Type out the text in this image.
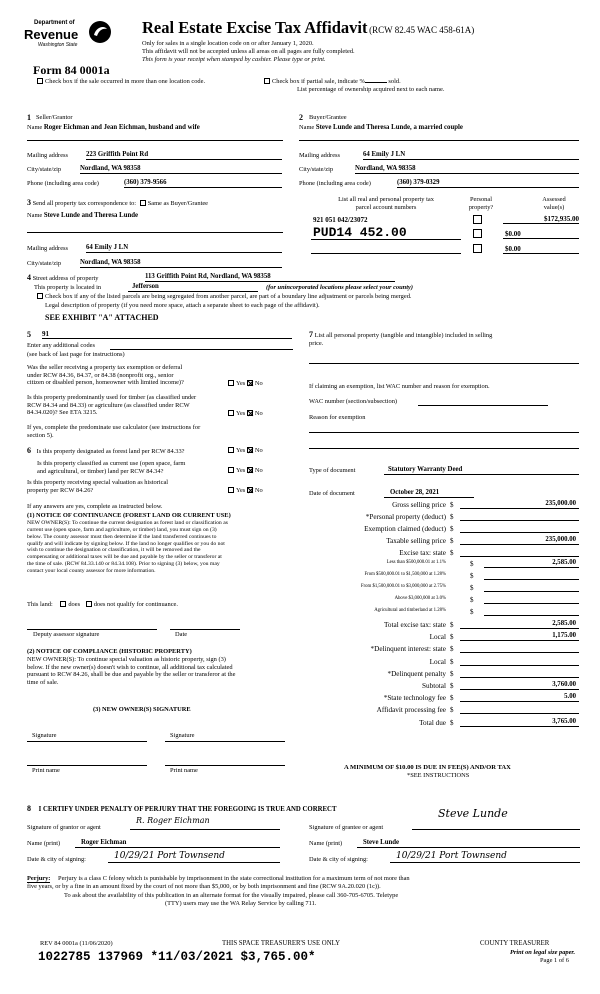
Department of
Revenue
Washington State
Form 84 0001a
Real Estate Excise Tax Affidavit (RCW 82.45 WAC 458-61A)
Only for sales in a single location code on or after January 1, 2020.
This affidavit will not be accepted unless all areas on all pages are fully completed.
This form is your receipt when stamped by cashier. Please type or print.
Check box if the sale occurred in more than one location code.	Check box if partial sale, indicate %	sold.
List percentage of ownership acquired next to each name.
1 Seller/Grantor
Name Roger Eichman and Jean Eichman, husband and wife
Mailing address	223 Griffith Point Rd
City/state/zip	Nordland, WA 98358
Phone (including area code)	(360) 379-9566
2 Buyer/Grantee
Name Steve Lunde and Theresa Lunde, a married couple
Mailing address	64 Emily J LN
City/state/zip	Nordland, WA 98358
Phone (including area code)	(360) 379-0329
3 Send all property tax correspondence to: Same as Buyer/Grantee
Name Steve Lunde and Theresa Lunde
Mailing address	64 Emily J LN
City/state/zip	Nordland, WA 98358
List all real and personal property tax
parcel account numbers
Personal
property?
Assessed
value(s)
921 051 042/23072	$172,935.00
PUD14 452.00	$0.00
$0.00
4 Street address of property	113 Griffith Point Rd, Nordland, WA 98358
This property is located in	Jefferson	(for unincorporated locations please select your county)
Check box if any of the listed parcels are being segregated from another parcel, are part of a boundary line adjustment or parcels being merged.
Legal description of property (if you need more space, attach a separate sheet to each page of the affidavit).
SEE EXHIBIT "A" ATTACHED
5 91
Enter any additional codes
(see back of last page for instructions)
Was the seller receiving a property tax exemption or deferral
under RCW 84.36, 84.37, or 84.38 (nonprofit org., senior
citizen or disabled person, homeowner with limited income)?	Yes No
Is this property predominantly used for timber (as classified under
RCW 84.34 and 84.33) or agriculture (as classified under RCW
84.34.020)? See ETA 3215.	Yes No
If yes, complete the predominate use calculator (see instructions for
section 5).
6 Is this property designated as forest land per RCW 84.33?	Yes No
Is this property classified as current use (open space, farm
and agricultural, or timber) land per RCW 84.34?	Yes No
Is this property receiving special valuation as historical
property per RCW 84.26?	Yes No
If any answers are yes, complete as instructed below.
(1) NOTICE OF CONTINUANCE (FOREST LAND OR CURRENT USE)
NEW OWNER(S): To continue the current designation as forest land or classification as
current use (open space, farm and agriculture, or timber) land, you must sign on (3)
below. The county assessor must then determine if the land transferred continues to
qualify and will indicate by signing below. If the land no longer qualifies or you do not
wish to continue the designation or classification, it will be removed and the
compensating or additional taxes will be due and payable by the seller or transferor at
the time of sale. (RCW 84.33.140 or 84.34.108). Prior to signing (3) below, you may
contact your local county assessor for more information.
This land: does does not qualify for continuance.
Deputy assessor signature	Date
(2) NOTICE OF COMPLIANCE (HISTORIC PROPERTY)
NEW OWNER(S): To continue special valuation as historic property, sign (3)
below. If the new owner(s) doesn't wish to continue, all additional tax calculated
pursuant to RCW 84.26, shall be due and payable by the seller or transferor at the
time of sale.
(3) NEW OWNER(S) SIGNATURE
Signature	Signature
Print name	Print name
7 List all personal property (tangible and intangible) included in selling
price.
If claiming an exemption, list WAC number and reason for exemption.
WAC number (section/subsection)
Reason for exemption
Type of document	Statutory Warranty Deed
Date of document	October 28, 2021
Gross selling price $	235,000.00
*Personal property (deduct) $
Exemption claimed (deduct) $
Taxable selling price $	235,000.00
Excise tax: state $
Less than $500,000.01 at 1.1%	$	2,585.00
From $500,000.01 to $1,500,000 at 1.28%	$
From $1,500,000.01 to $3,000,000 at 2.75%	$
Above $3,000,000 at 3.0%	$
Agricultural and timberland at 1.28%	$
Total excise tax: state $	2,585.00
Local $	1,175.00
*Delinquent interest: state $
Local $
*Delinquent penalty $
Subtotal $	3,760.00
*State technology fee $	5.00
Affidavit processing fee $
Total due $	3,765.00
A MINIMUM OF $10.00 IS DUE IN FEE(S) AND/OR TAX
*SEE INSTRUCTIONS
8 I CERTIFY UNDER PENALTY OF PERJURY THAT THE FOREGOING IS TRUE AND CORRECT
Signature of grantor or agent
R. Roger Eichman
Signature of grantee or agent
Steve Lunde
Name (print)	Roger Eichman	Name (print)	Steve Lunde
Date & city of signing:	10/29/21 Port Townsend	Date & city of signing:	10/29/21 Port Townsend
Perjury: Perjury is a class C felony which is punishable by imprisonment in the state correctional institution for a maximum term of not more than
five years, or by a fine in an amount fixed by the court of not more than $5,000, or by both imprisonment and fine (RCW 9A.20.020 (1c)).
To ask about the availability of this publication in an alternate format for the visually impaired, please call 360-705-6705. Teletype
(TTY) users may use the WA Relay Service by calling 711.
REV 84 0001a (11/06/2020)	THIS SPACE TREASURER'S USE ONLY	COUNTY TREASURER
Print on legal size paper.
Page 1 of 6
1022785 137969 *11/03/2021 $3,765.00*
